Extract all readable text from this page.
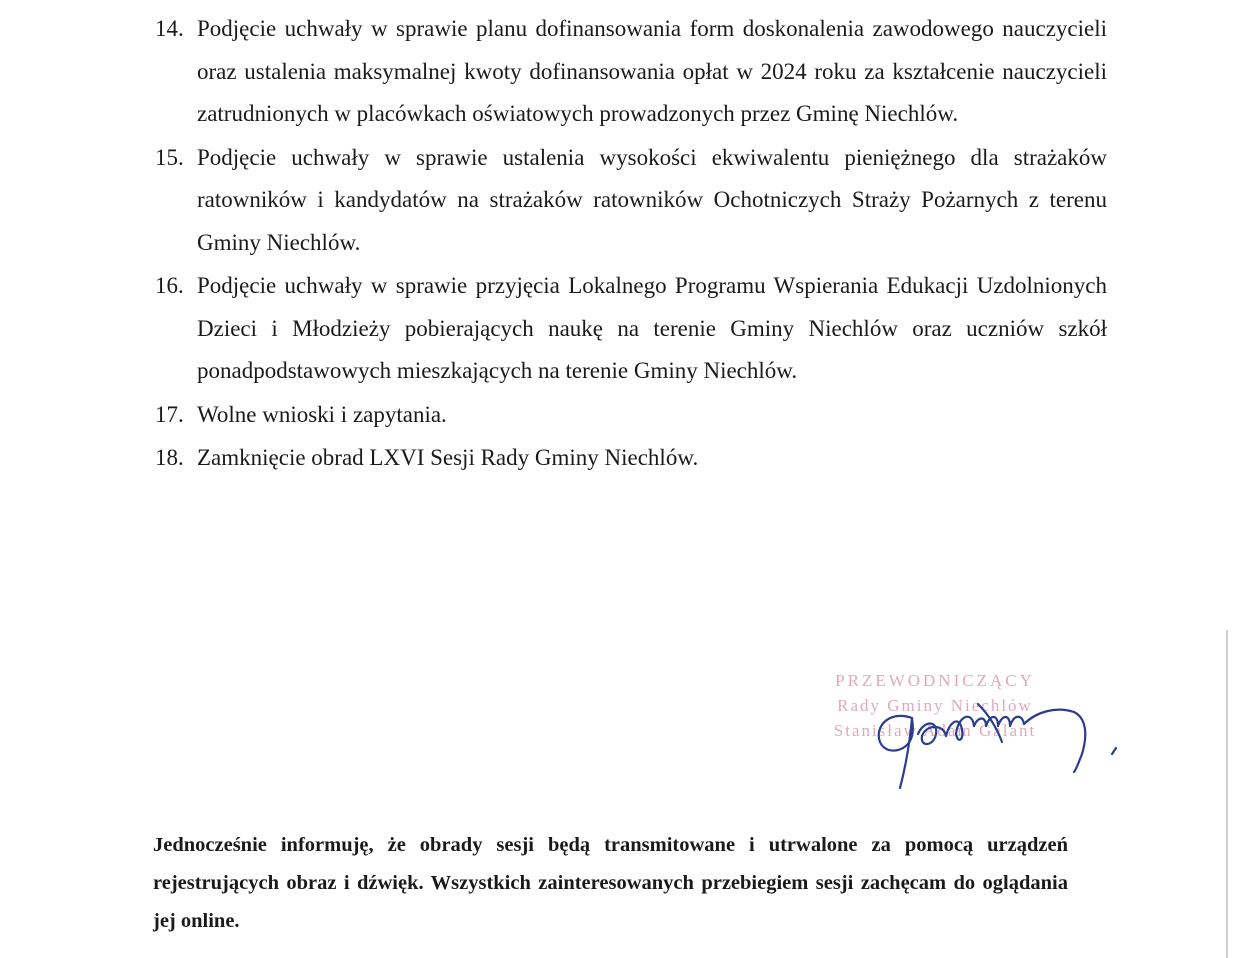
14. Podjęcie uchwały w sprawie planu dofinansowania form doskonalenia zawodowego nauczycieli oraz ustalenia maksymalnej kwoty dofinansowania opłat w 2024 roku za kształcenie nauczycieli zatrudnionych w placówkach oświatowych prowadzonych przez Gminę Niechlów.
15. Podjęcie uchwały w sprawie ustalenia wysokości ekwiwalentu pieniężnego dla strażaków ratowników i kandydatów na strażaków ratowników Ochotniczych Straży Pożarnych z terenu Gminy Niechlów.
16. Podjęcie uchwały w sprawie przyjęcia Lokalnego Programu Wspierania Edukacji Uzdolnionych Dzieci i Młodzieży pobierających naukę na terenie Gminy Niechlów oraz uczniów szkół ponadpodstawowych mieszkających na terenie Gminy Niechlów.
17. Wolne wnioski i zapytania.
18. Zamknięcie obrad LXVI Sesji Rady Gminy Niechlów.
PRZEWODNICZĄCY
Rady Gminy Niechlów
Stanisław Adam Galant

Jednocześnie informuję, że obrady sesji będą transmitowane i utrwalone za pomocą urządzeń rejestrujących obraz i dźwięk. Wszystkich zainteresowanych przebiegiem sesji zachęcam do oglądania jej online.
